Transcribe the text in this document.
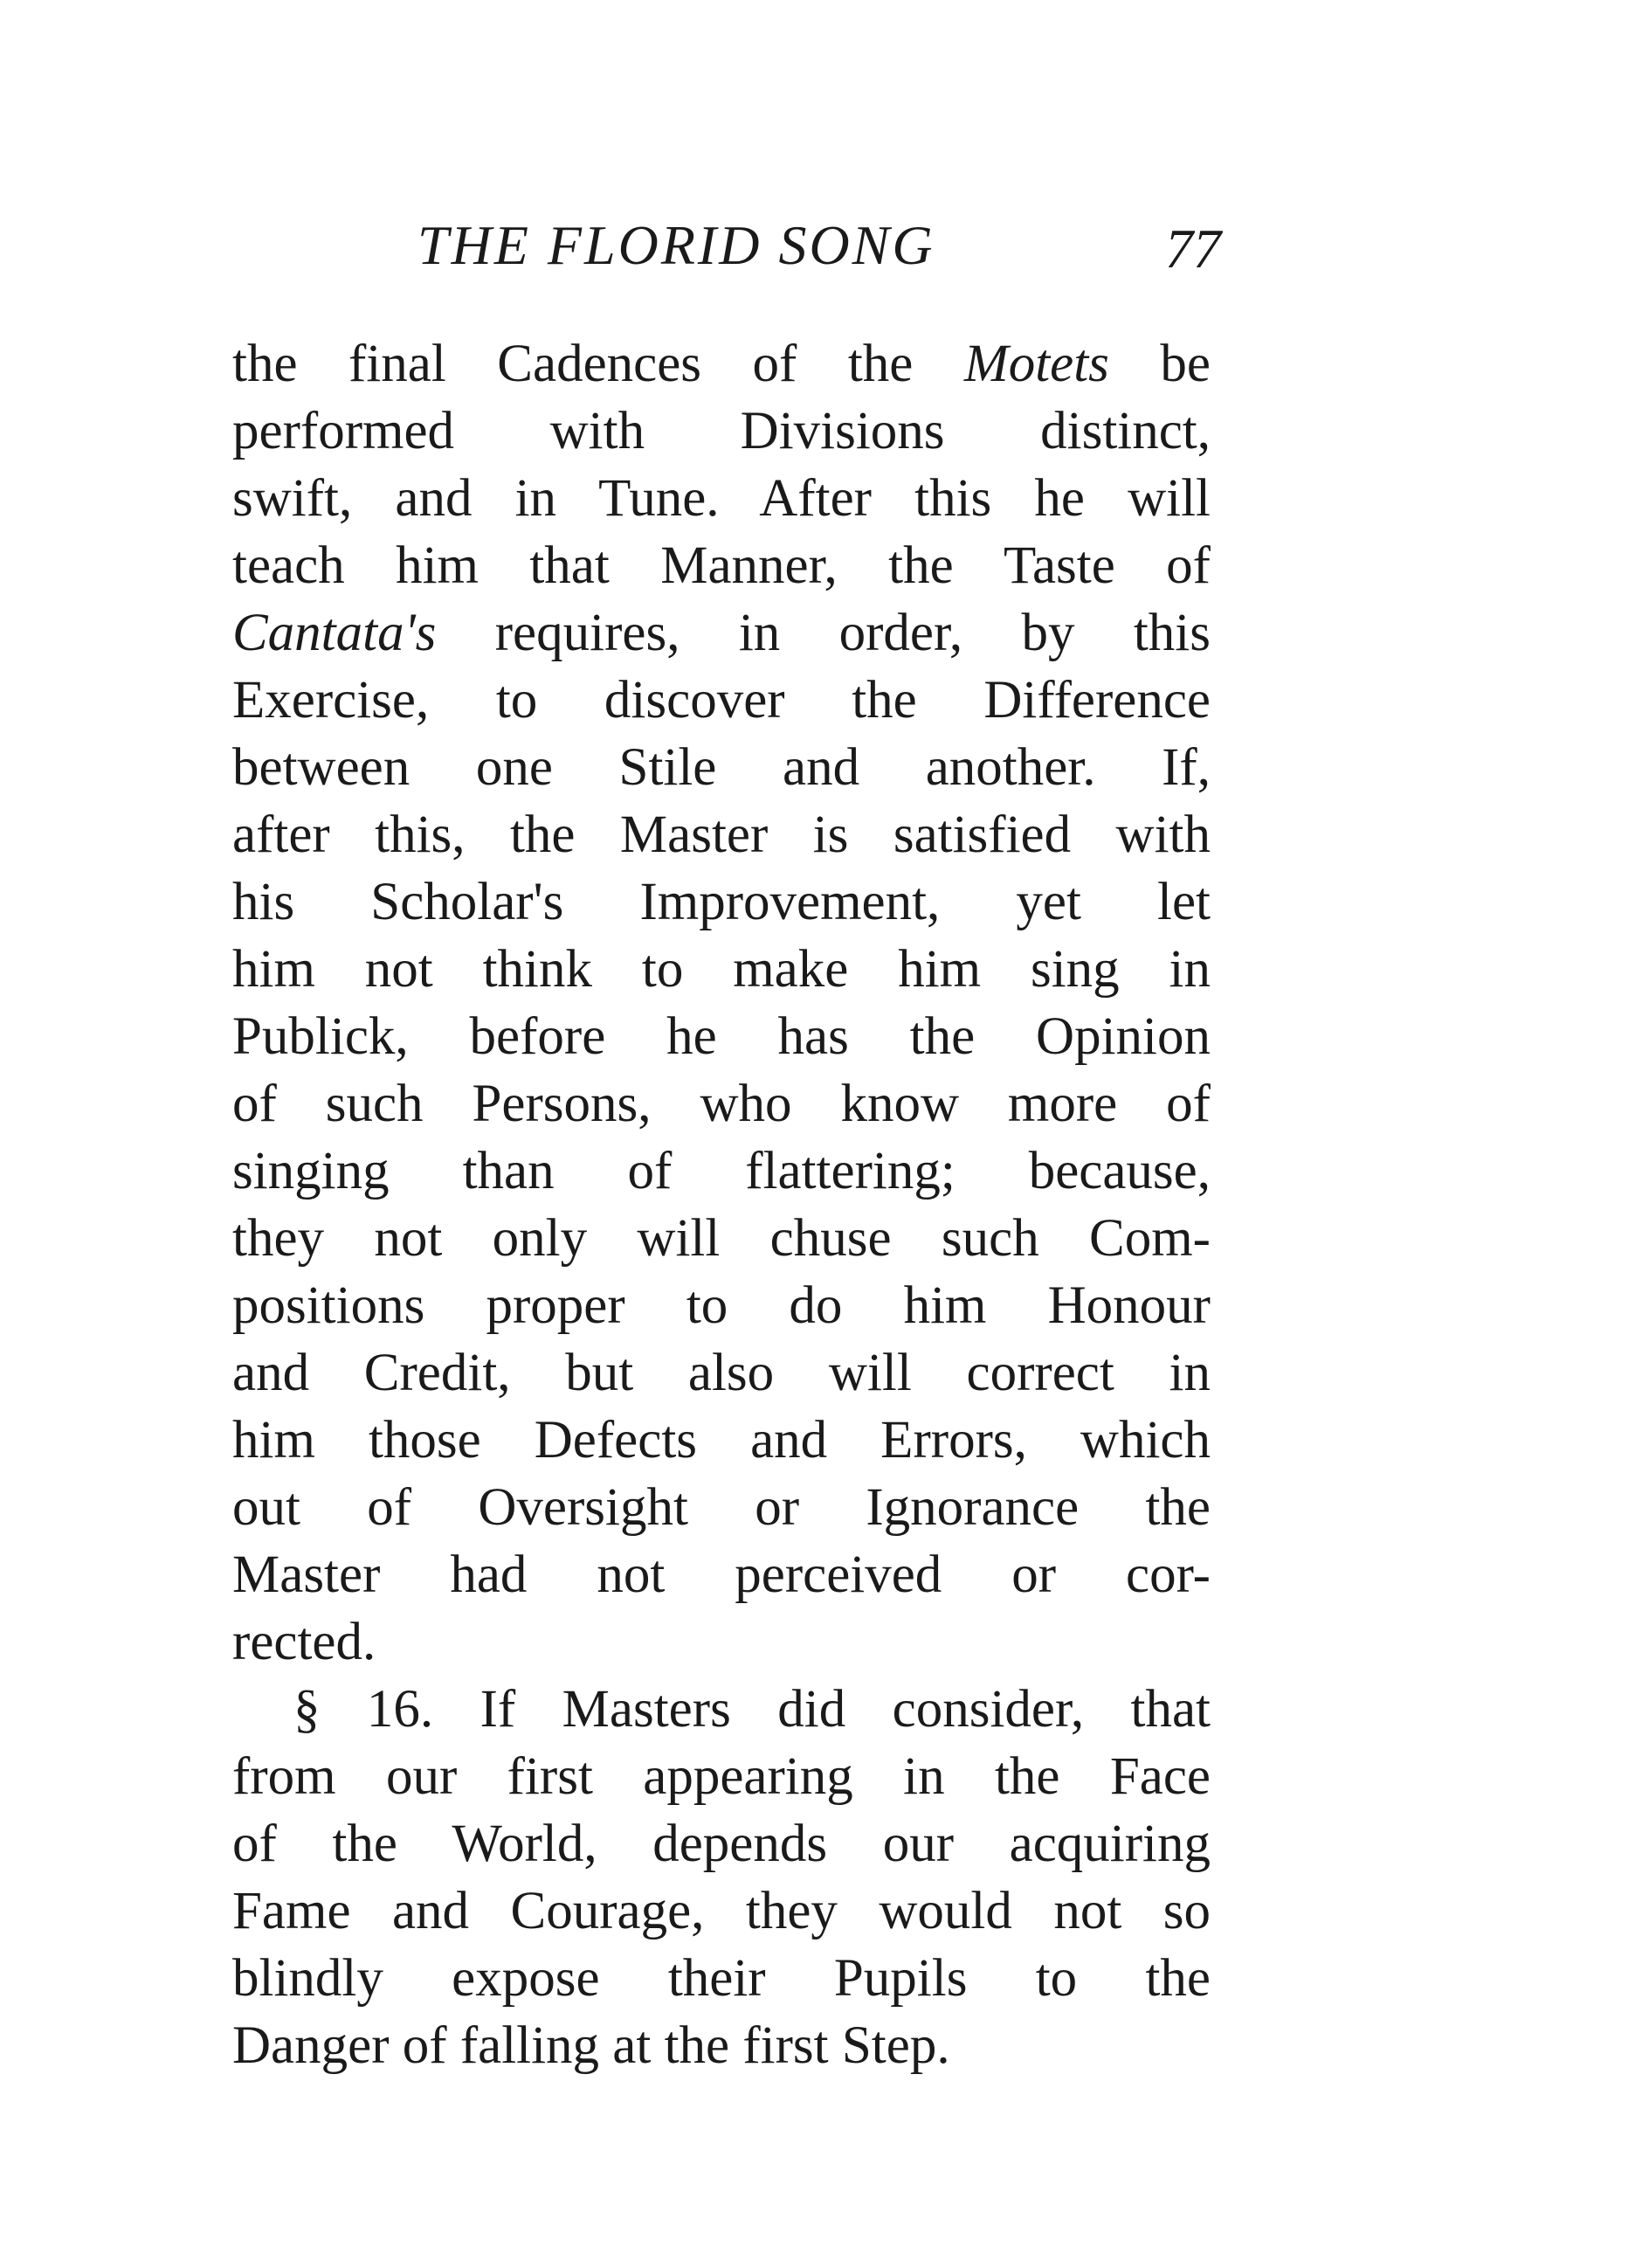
THE FLORID SONG	77
the final Cadences of the Motets be
performed with Divisions distinct,
swift, and in Tune. After this he will
teach him that Manner, the Taste of
Cantata's requires, in order, by this
Exercise, to discover the Difference
between one Stile and another. If,
after this, the Master is satisfied with
his Scholar's Improvement, yet let
him not think to make him sing in
Publick, before he has the Opinion
of such Persons, who know more of
singing than of flattering; because,
they not only will chuse such Com-
positions proper to do him Honour
and Credit, but also will correct in
him those Defects and Errors, which
out of Oversight or Ignorance the
Master had not perceived or cor-
rected.
§ 16. If Masters did consider, that
from our first appearing in the Face
of the World, depends our acquiring
Fame and Courage, they would not so
blindly expose their Pupils to the
Danger of falling at the first Step.
